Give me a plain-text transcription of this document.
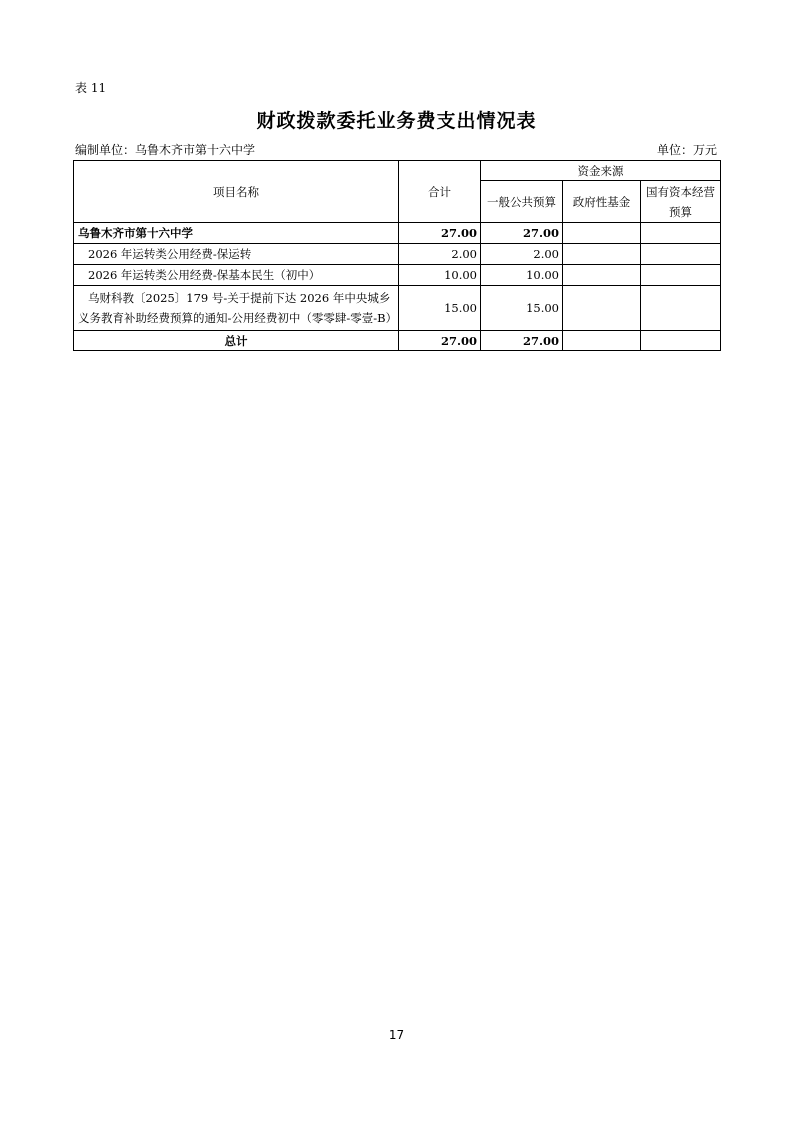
表 11
财政拨款委托业务费支出情况表
编制单位：乌鲁木齐市第十六中学	单位：万元
项目名称	合计	资金来源		
		一般公共预算	政府性基金	国有资本经营
预算

乌鲁木齐市第十六中学	27.00	27.00		
2026 年运转类公用经费-保运转	2.00	2.00		
2026 年运转类公用经费-保基本民生（初中）	10.00	10.00		
乌财科教〔2025〕179 号-关于提前下达 2026 年中央城乡义务教育补助经费预算的通知-公用经费初中（零零肆-零壹-B）	15.00	15.00		
总计	27.00	27.00		
17
